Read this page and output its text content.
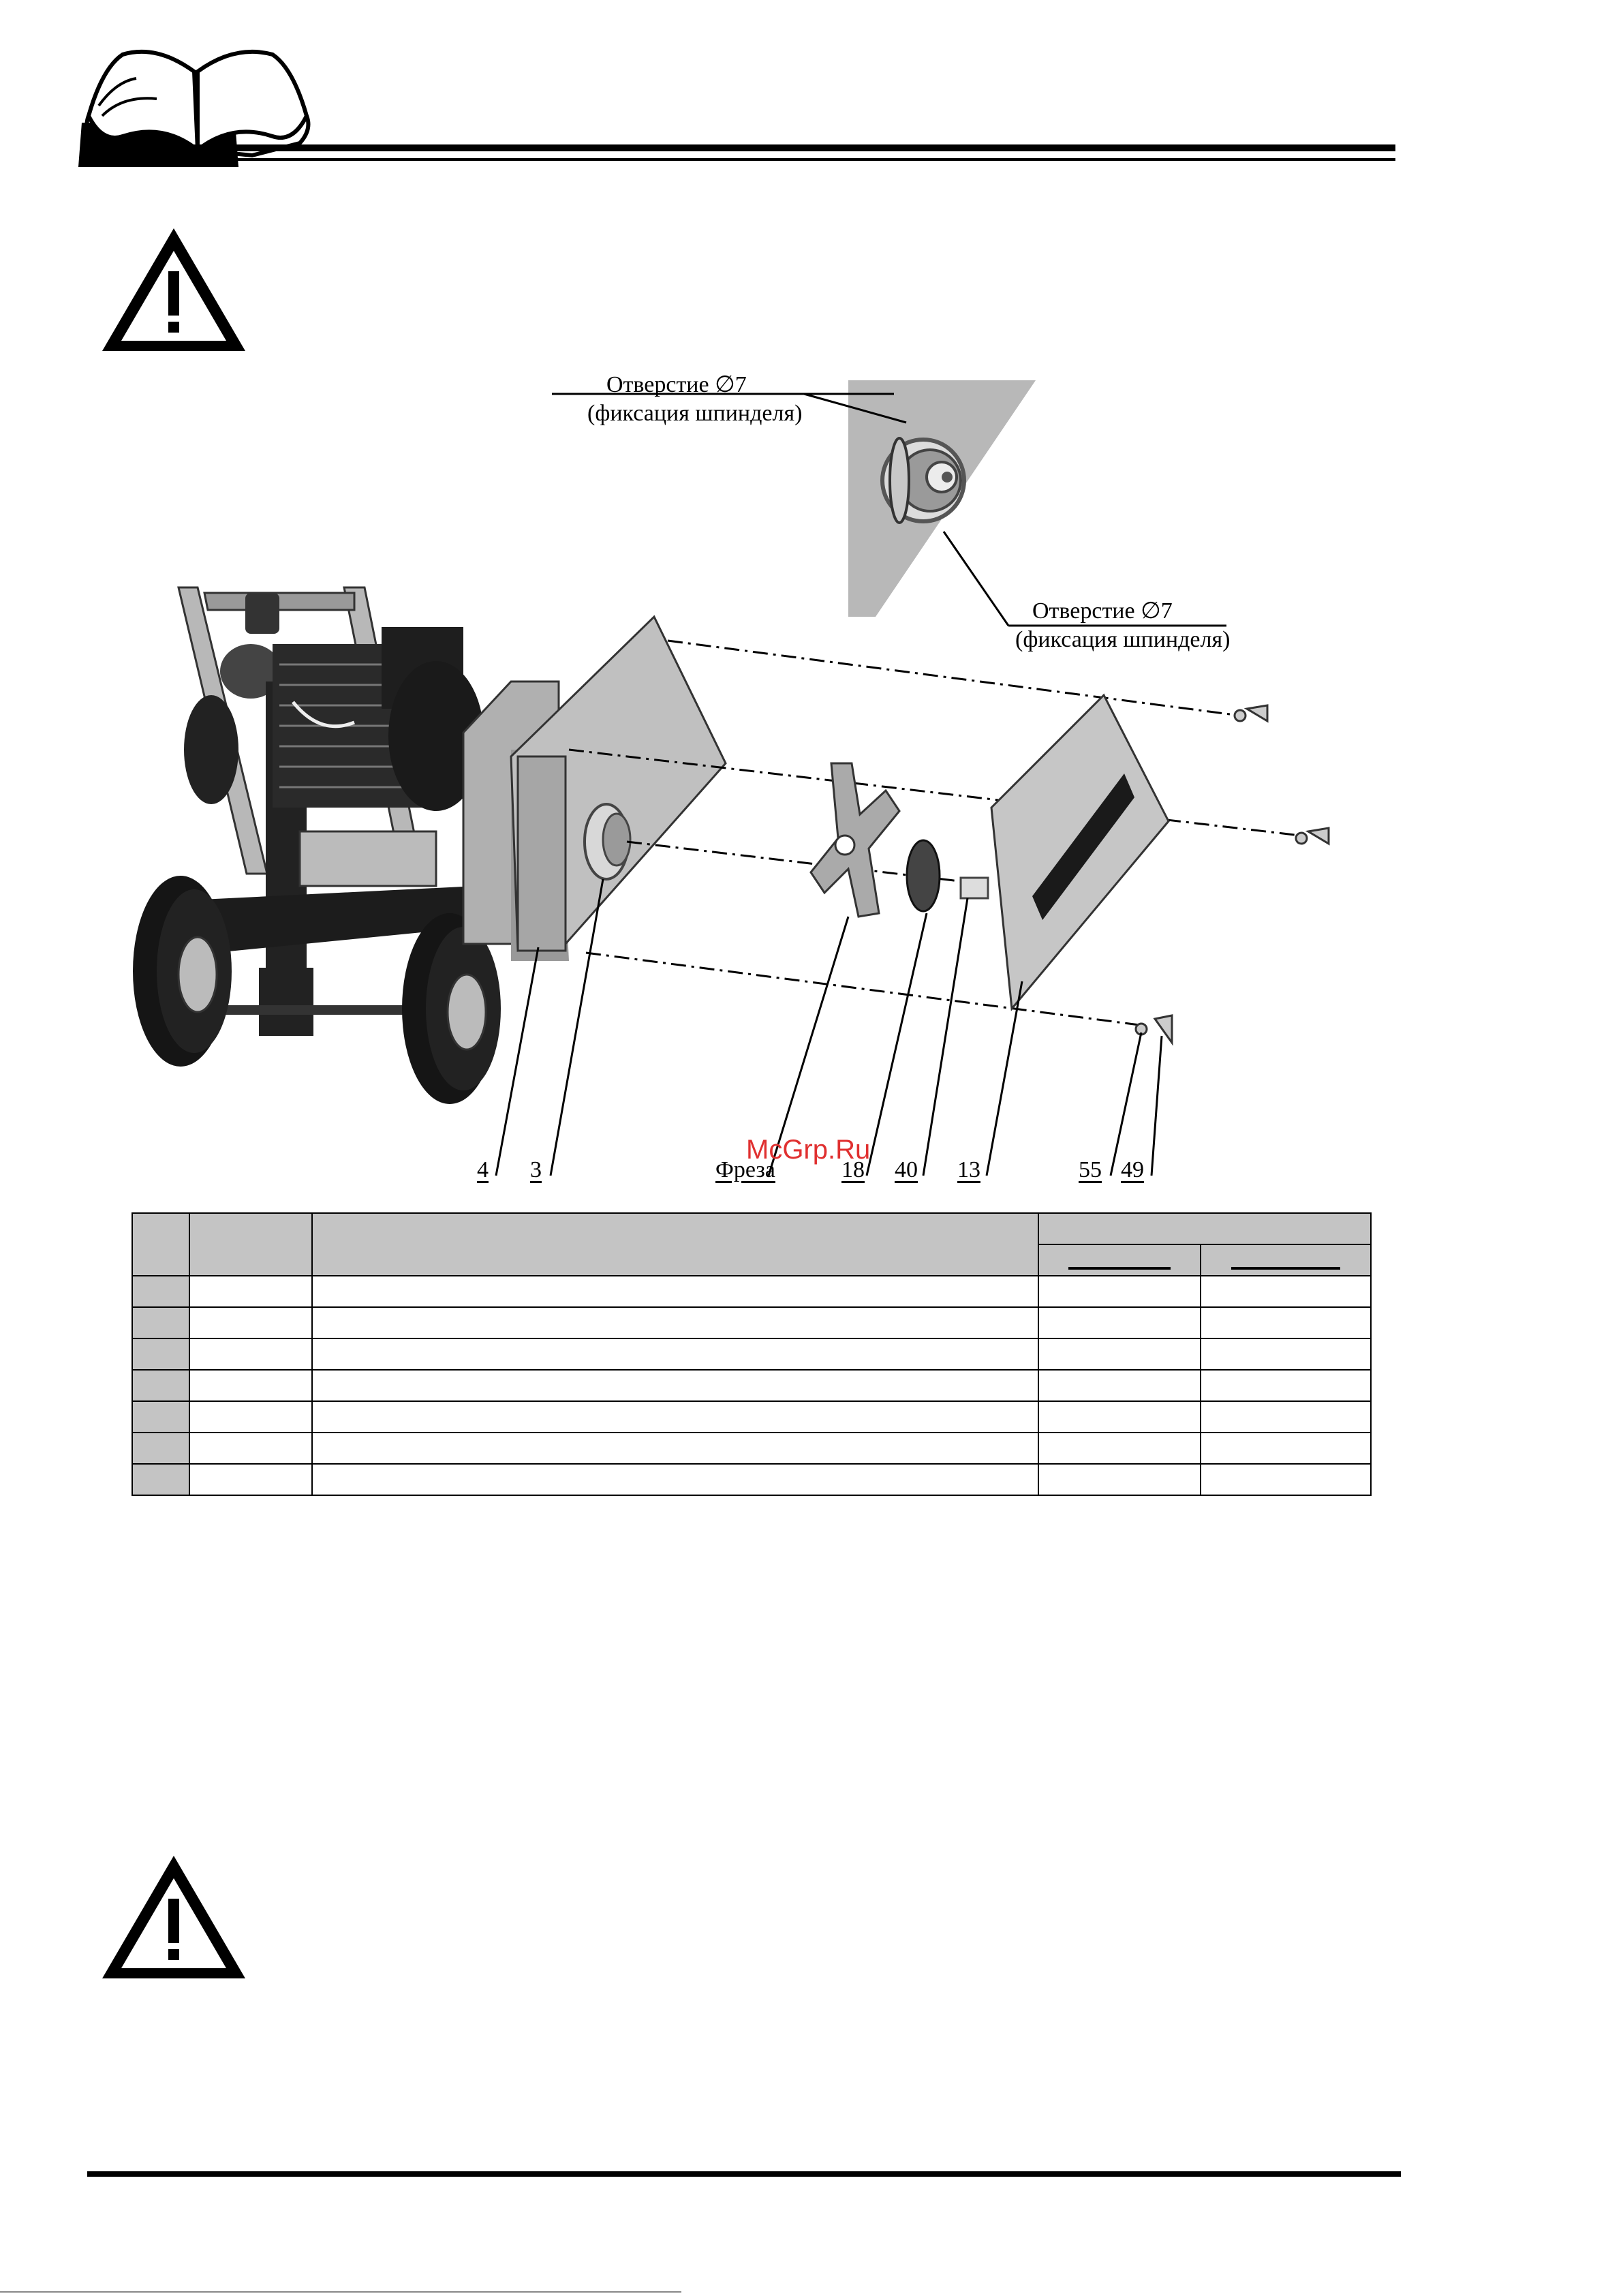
Отверстие ∅7
(фиксация шпинделя)
Отверстие ∅7
(фиксация шпинделя)
4 3	Фреза	18 40 13	55 49
McGrp.Ru
